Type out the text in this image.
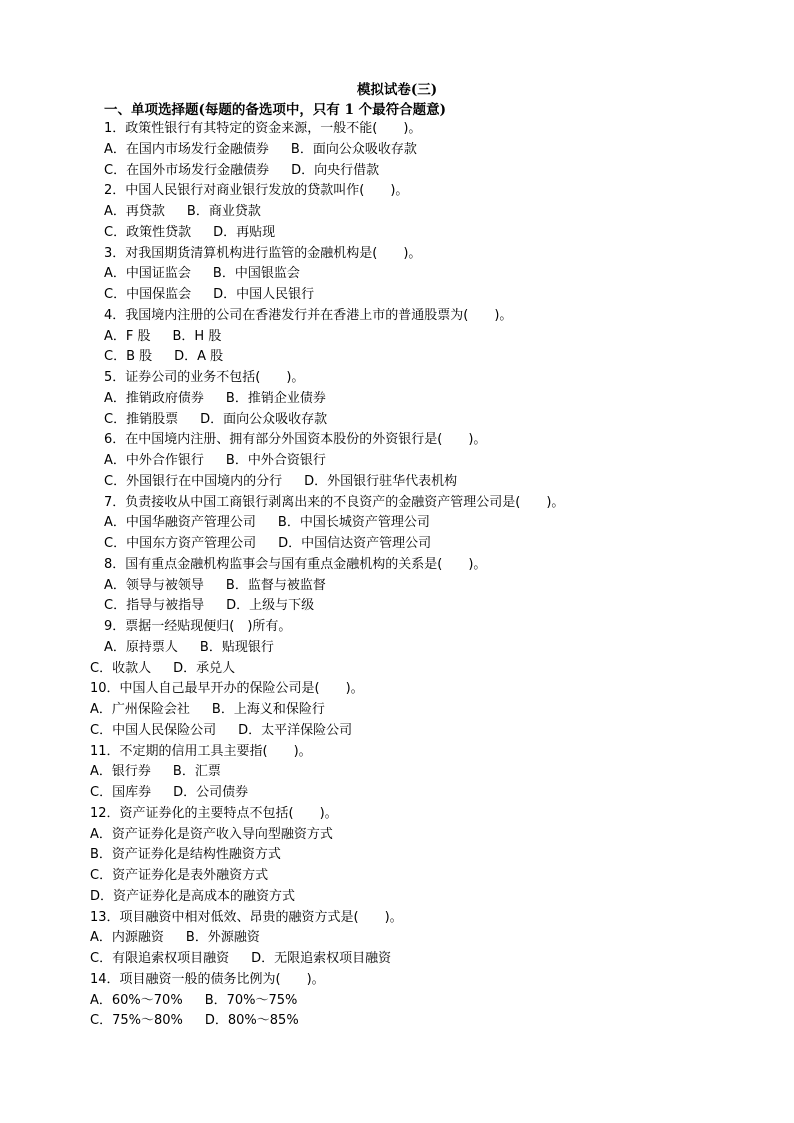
模拟试卷(三)
一、单项选择题(每题的备选项中，只有 1 个最符合题意)
1．政策性银行有其特定的资金来源，一般不能(　　)。
A．在国内市场发行金融债券 B．面向公众吸收存款
C．在国外市场发行金融债券 D．向央行借款
2．中国人民银行对商业银行发放的贷款叫作(　　)。
A．再贷款 B．商业贷款
C．政策性贷款 D．再贴现
3．对我国期货清算机构进行监管的金融机构是(　　)。
A．中国证监会 B．中国银监会
C．中国保监会 D．中国人民银行
4．我国境内注册的公司在香港发行并在香港上市的普通股票为(　　)。
A．F 股 B．H 股
C．B 股 D．A 股
5．证券公司的业务不包括(　　)。
A．推销政府债券 B．推销企业债券
C．推销股票 D．面向公众吸收存款
6．在中国境内注册、拥有部分外国资本股份的外资银行是(　　)。
A．中外合作银行 B．中外合资银行
C．外国银行在中国境内的分行 D．外国银行驻华代表机构
7．负责接收从中国工商银行剥离出来的不良资产的金融资产管理公司是(　　)。
A．中国华融资产管理公司 B．中国长城资产管理公司
C．中国东方资产管理公司 D．中国信达资产管理公司
8．国有重点金融机构监事会与国有重点金融机构的关系是(　　)。
A．领导与被领导 B．监督与被监督
C．指导与被指导 D．上级与下级
9．票据一经贴现便归(　)所有。
A．原持票人 B．贴现银行
C．收款人 D．承兑人
10．中国人自己最早开办的保险公司是(　　)。
A．广州保险会社 B．上海义和保险行
C．中国人民保险公司 D．太平洋保险公司
11．不定期的信用工具主要指(　　)。
A．银行券 B．汇票
C．国库券 D．公司债券
12．资产证券化的主要特点不包括(　　)。
A．资产证券化是资产收入导向型融资方式
B．资产证券化是结构性融资方式
C．资产证券化是表外融资方式
D．资产证券化是高成本的融资方式
13．项目融资中相对低效、昂贵的融资方式是(　　)。
A．内源融资 B．外源融资
C．有限追索权项目融资 D．无限追索权项目融资
14．项目融资一般的债务比例为(　　)。
A．60%～70% B．70%～75%
C．75%～80% D．80%～85%
